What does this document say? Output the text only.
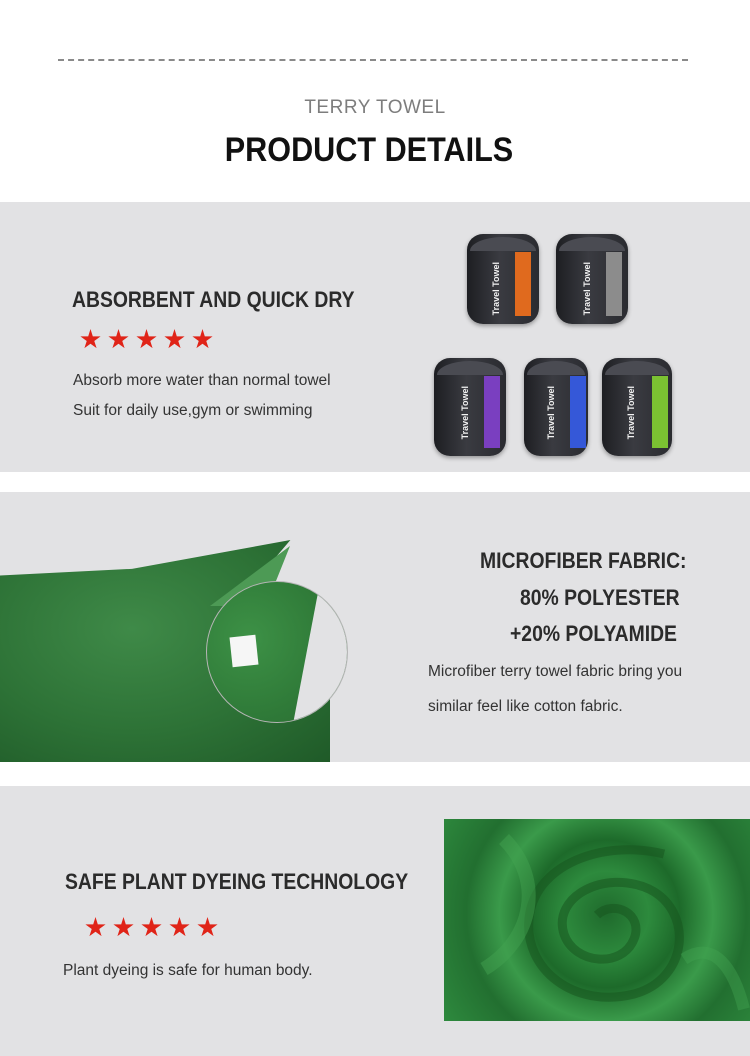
TERRY TOWEL
PRODUCT DETAILS
ABSORBENT AND QUICK DRY
Absorb more water than normal towel
Suit for daily use,gym or swimming
Travel Towel	Travel Towel
Travel Towel	Travel Towel	Travel Towel
MICROFIBER FABRIC:
80% POLYESTER
+20% POLYAMIDE
Microfiber terry towel fabric bring you
similar feel like cotton fabric.
SAFE PLANT DYEING TECHNOLOGY
Plant dyeing is safe for human body.
